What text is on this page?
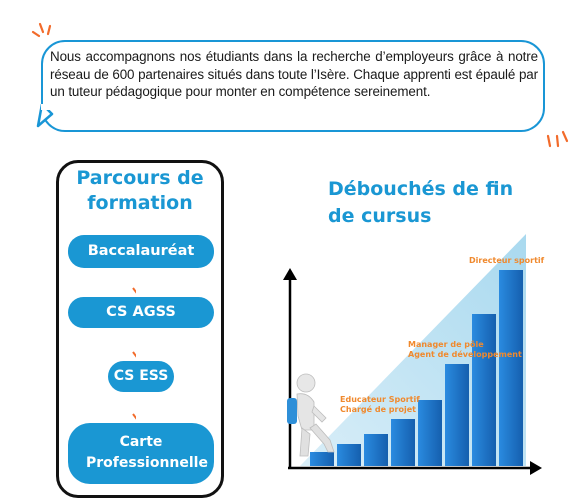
Nous accompagnons nos étudiants dans la recherche d’employeurs grâce à notre réseau de 600 partenaires situés dans toute l’Isère. Chaque apprenti est épaulé par un tuteur pédagogique pour monter en compétence sereinement.
Parcours de formation
Baccalauréat
CS AGSS
CS ESS
Carte Professionnelle
Débouchés de fin de cursus
Educateur Sportif
Chargé de projet
Manager de pôle
Agent de développement
Directeur sportif
